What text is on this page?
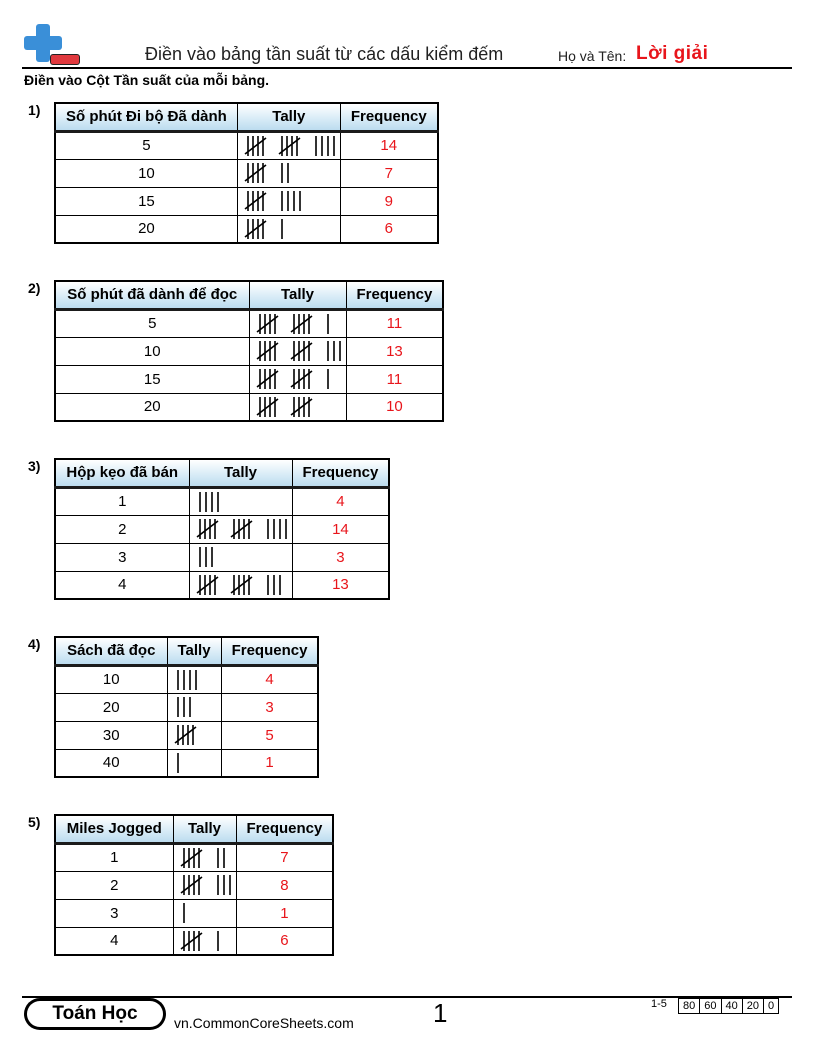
Điền vào bảng tần suất từ các dấu kiểm đếm	Họ và Tên: Lời giải
Điền vào Cột Tần suất của mỗi bảng.
1) Số phút Đi bộ Đã dành	Tally	Frequency
5		14
10		7
15		9
20		6
2) Số phút đã dành để đọc	Tally	Frequency
5		11
10		13
15		11
20		10
3) Hộp kẹo đã bán	Tally	Frequency
1		4
2		14
3		3
4		13
4) Sách đã đọc	Tally	Frequency
10		4
20		3
30		5
40		1
5) Miles Jogged	Tally	Frequency
1		7
2		8
3		1
4		6
Toán Học	vn.CommonCoreSheets.com	1	1-5	80 60 40 20 0
